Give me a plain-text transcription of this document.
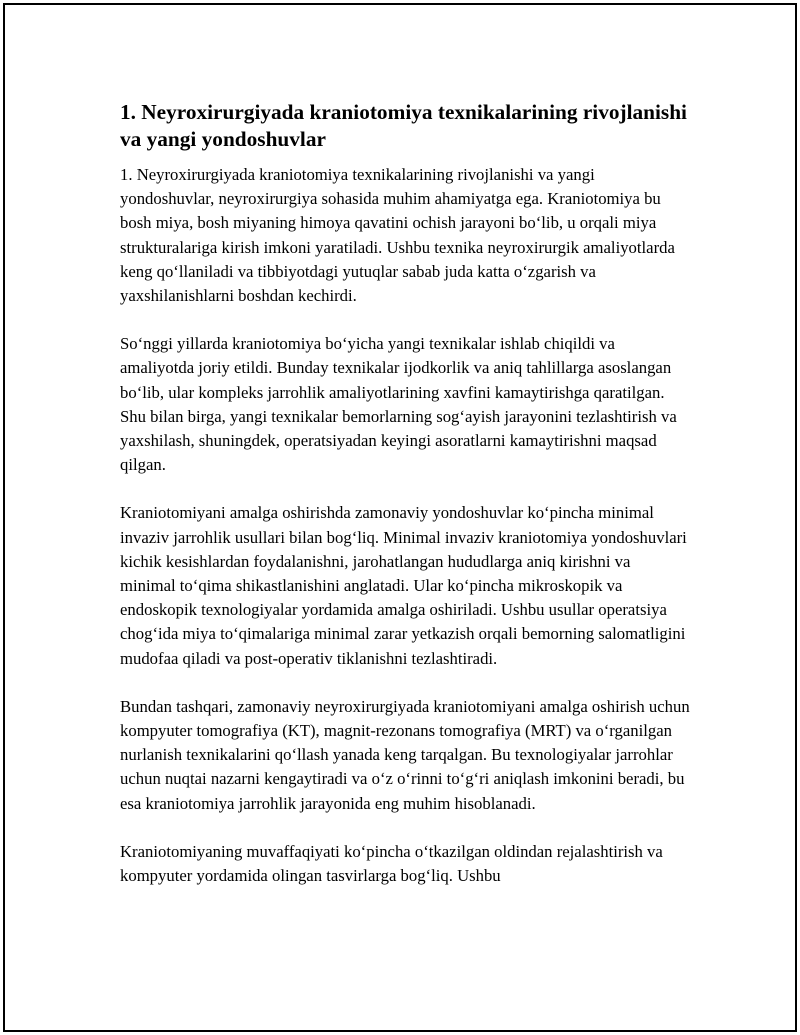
1. Neyroxirurgiyada kraniotomiya texnikalarining rivojlanishi va yangi yondoshuvlar

1. Neyroxirurgiyada kraniotomiya texnikalarining rivojlanishi va yangi yondoshuvlar, neyroxirurgiya sohasida muhim ahamiyatga ega. Kraniotomiya bu bosh miya, bosh miyaning himoya qavatini ochish jarayoni boʻlib, u orqali miya strukturalariga kirish imkoni yaratiladi. Ushbu texnika neyroxirurgik amaliyotlarda keng qoʻllaniladi va tibbiyotdagi yutuqlar sabab juda katta oʻzgarish va yaxshilanishlarni boshdan kechirdi.

Soʻnggi yillarda kraniotomiya boʻyicha yangi texnikalar ishlab chiqildi va amaliyotda joriy etildi. Bunday texnikalar ijodkorlik va aniq tahlillarga asoslangan boʻlib, ular kompleks jarrohlik amaliyotlarining xavfini kamaytirishga qaratilgan. Shu bilan birga, yangi texnikalar bemorlarning sogʻayish jarayonini tezlashtirish va yaxshilash, shuningdek, operatsiyadan keyingi asoratlarni kamaytirishni maqsad qilgan.

Kraniotomiyani amalga oshirishda zamonaviy yondoshuvlar koʻpincha minimal invaziv jarrohlik usullari bilan bogʻliq. Minimal invaziv kraniotomiya yondoshuvlari kichik kesishlardan foydalanishni, jarohatlangan hududlarga aniq kirishni va minimal toʻqima shikastlanishini anglatadi. Ular koʻpincha mikroskopik va endoskopik texnologiyalar yordamida amalga oshiriladi. Ushbu usullar operatsiya chogʻida miya toʻqimalariga minimal zarar yetkazish orqali bemorning salomatligini mudofaa qiladi va post-operativ tiklanishni tezlashtiradi.

Bundan tashqari, zamonaviy neyroxirurgiyada kraniotomiyani amalga oshirish uchun kompyuter tomografiya (KT), magnit-rezonans tomografiya (MRT) va oʻrganilgan nurlanish texnikalarini qoʻllash yanada keng tarqalgan. Bu texnologiyalar jarrohlar uchun nuqtai nazarni kengaytiradi va oʻz oʻrinni toʻgʻri aniqlash imkonini beradi, bu esa kraniotomiya jarrohlik jarayonida eng muhim hisoblanadi.

Kraniotomiyaning muvaffaqiyati koʻpincha oʻtkazilgan oldindan rejalashtirish va kompyuter yordamida olingan tasvirlarga bogʻliq. Ushbu
